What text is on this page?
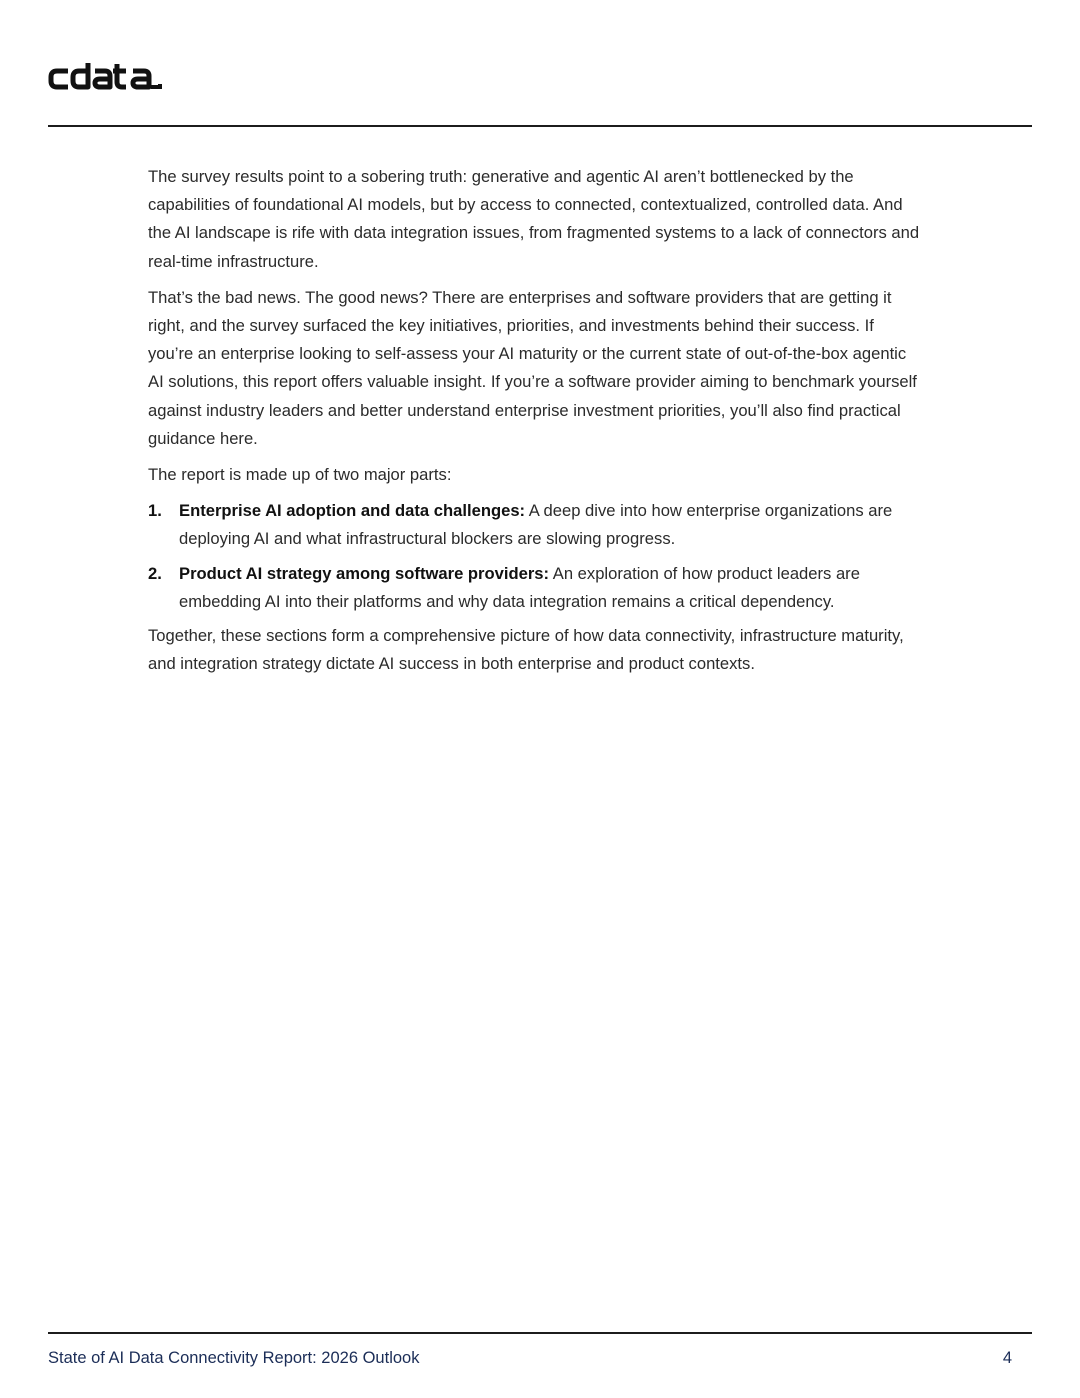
The survey results point to a sobering truth: generative and agentic AI aren’t bottlenecked by the capabilities of foundational AI models, but by access to connected, contextualized, controlled data. And the AI landscape is rife with data integration issues, from fragmented systems to a lack of connectors and real-time infrastructure.

That’s the bad news. The good news? There are enterprises and software providers that are getting it right, and the survey surfaced the key initiatives, priorities, and investments behind their success. If you’re an enterprise looking to self-assess your AI maturity or the current state of out-of-the-box agentic AI solutions, this report offers valuable insight. If you’re a software provider aiming to benchmark yourself against industry leaders and better understand enterprise investment priorities, you’ll also find practical guidance here.

The report is made up of two major parts:

1. Enterprise AI adoption and data challenges: A deep dive into how enterprise organizations are deploying AI and what infrastructural blockers are slowing progress.
2. Product AI strategy among software providers: An exploration of how product leaders are embedding AI into their platforms and why data integration remains a critical dependency.

Together, these sections form a comprehensive picture of how data connectivity, infrastructure maturity, and integration strategy dictate AI success in both enterprise and product contexts.

State of AI Data Connectivity Report: 2026 Outlook	4
